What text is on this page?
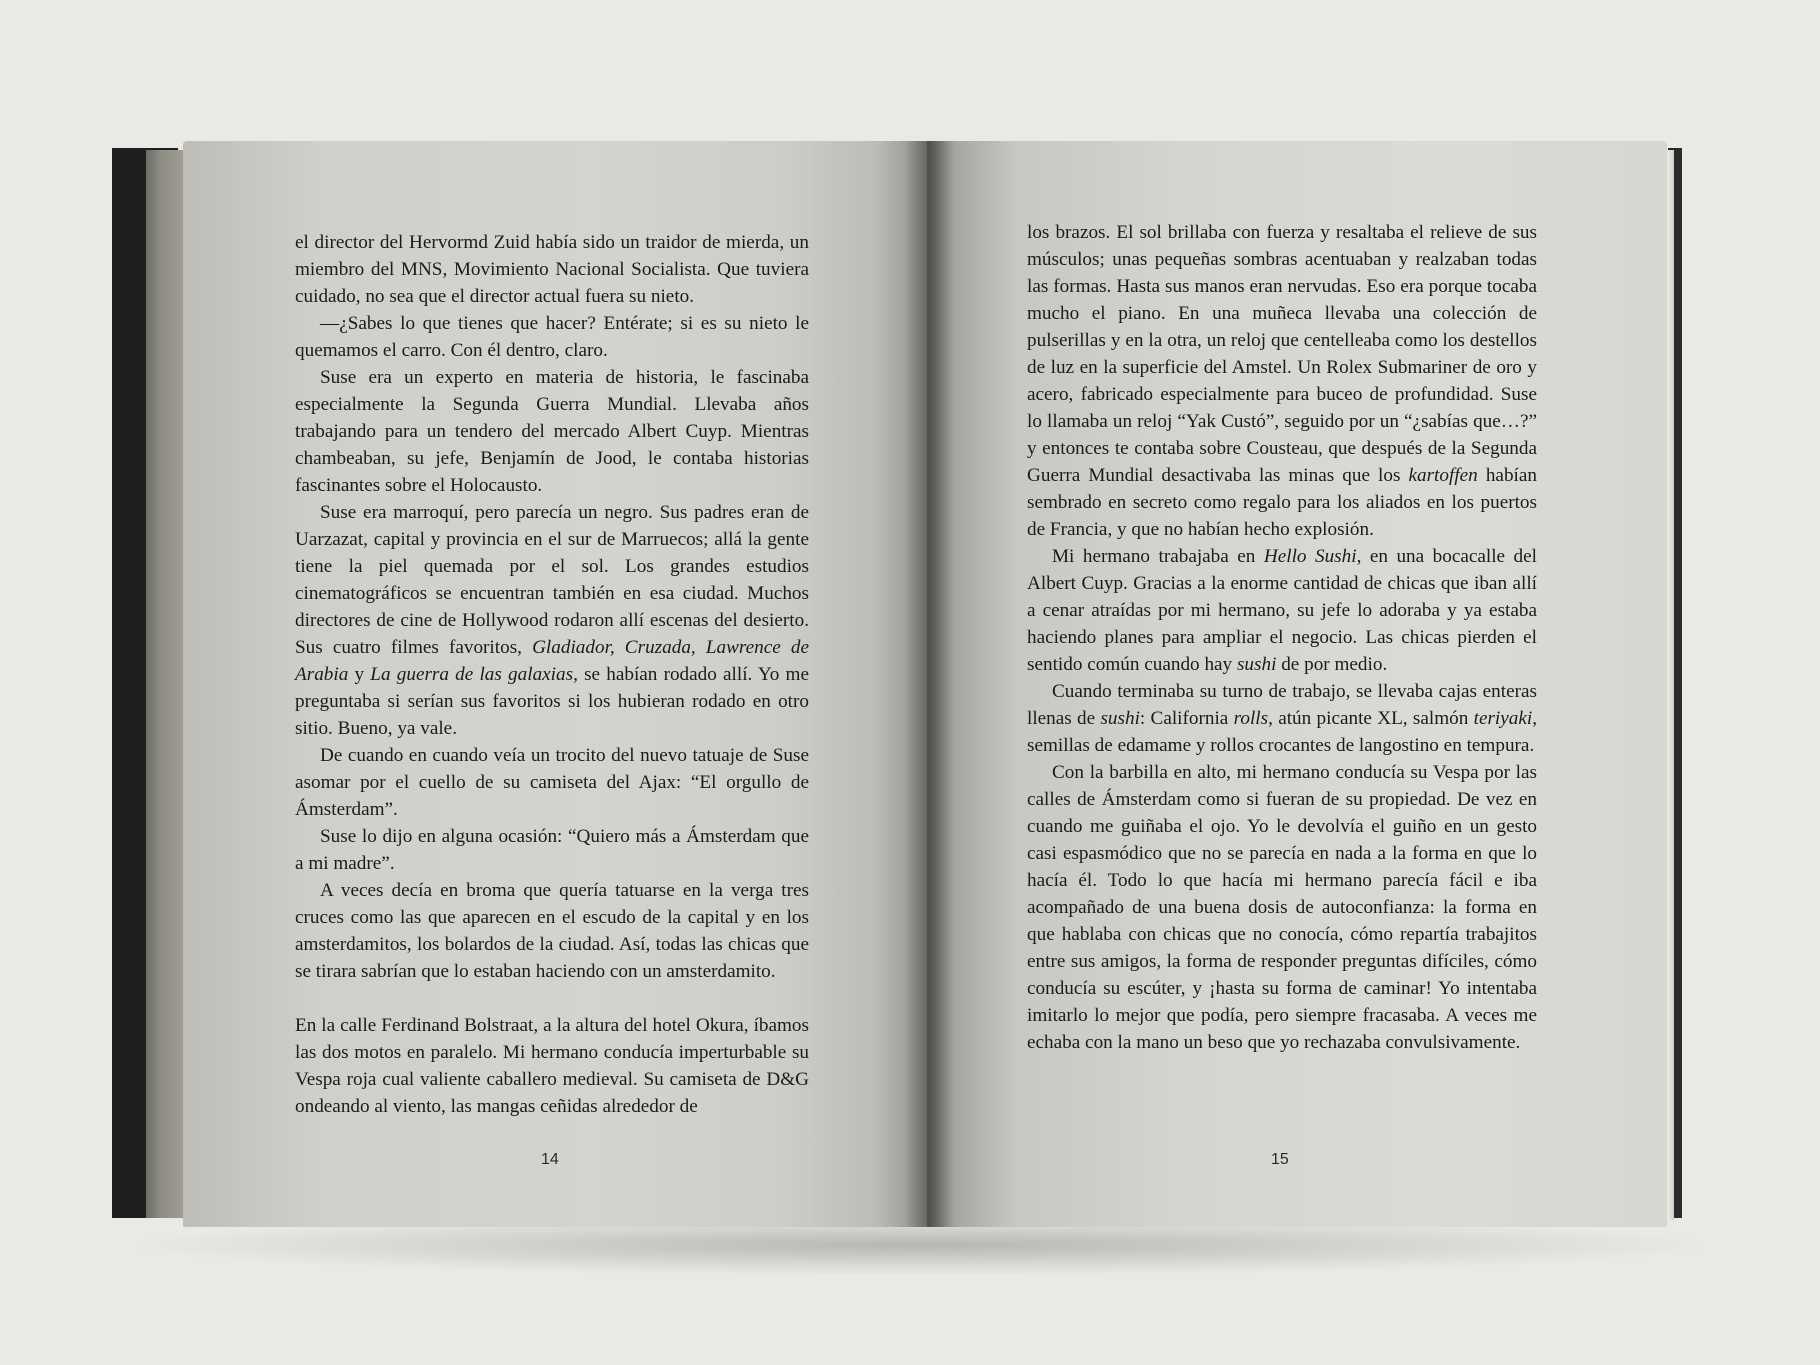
el director del Hervormd Zuid había sido un traidor de mierda, un miembro del MNS, Movimiento Nacional Socialista. Que tuviera cuidado, no sea que el director actual fuera su nieto.

—¿Sabes lo que tienes que hacer? Entérate; si es su nieto le quemamos el carro. Con él dentro, claro.

Suse era un experto en materia de historia, le fascinaba especialmente la Segunda Guerra Mundial. Llevaba años trabajando para un tendero del mercado Albert Cuyp. Mientras chambeaban, su jefe, Benjamín de Jood, le contaba historias fascinantes sobre el Holocausto.

Suse era marroquí, pero parecía un negro. Sus padres eran de Uarzazat, capital y provincia en el sur de Marruecos; allá la gente tiene la piel quemada por el sol. Los grandes estudios cinematográficos se encuentran también en esa ciudad. Muchos directores de cine de Hollywood rodaron allí escenas del desierto. Sus cuatro filmes favoritos, Gladiador, Cruzada, Lawrence de Arabia y La guerra de las galaxias, se habían rodado allí. Yo me preguntaba si serían sus favoritos si los hubieran rodado en otro sitio. Bueno, ya vale.

De cuando en cuando veía un trocito del nuevo tatuaje de Suse asomar por el cuello de su camiseta del Ajax: “El orgullo de Ámsterdam”.

Suse lo dijo en alguna ocasión: “Quiero más a Ámsterdam que a mi madre”.

A veces decía en broma que quería tatuarse en la verga tres cruces como las que aparecen en el escudo de la capital y en los amsterdamitos, los bolardos de la ciudad. Así, todas las chicas que se tirara sabrían que lo estaban haciendo con un amsterdamito.

En la calle Ferdinand Bolstraat, a la altura del hotel Okura, íbamos las dos motos en paralelo. Mi hermano conducía imperturbable su Vespa roja cual valiente caballero medieval. Su camiseta de D&G ondeando al viento, las mangas ceñidas alrededor de

14

los brazos. El sol brillaba con fuerza y resaltaba el relieve de sus músculos; unas pequeñas sombras acentuaban y realzaban todas las formas. Hasta sus manos eran nervudas. Eso era porque tocaba mucho el piano. En una muñeca llevaba una colección de pulserillas y en la otra, un reloj que centelleaba como los destellos de luz en la superficie del Amstel. Un Rolex Submariner de oro y acero, fabricado especialmente para buceo de profundidad. Suse lo llamaba un reloj “Yak Custó”, seguido por un “¿sabías que…?” y entonces te contaba sobre Cousteau, que después de la Segunda Guerra Mundial desactivaba las minas que los kartoffen habían sembrado en secreto como regalo para los aliados en los puertos de Francia, y que no habían hecho explosión.

Mi hermano trabajaba en Hello Sushi, en una bocacalle del Albert Cuyp. Gracias a la enorme cantidad de chicas que iban allí a cenar atraídas por mi hermano, su jefe lo adoraba y ya estaba haciendo planes para ampliar el negocio. Las chicas pierden el sentido común cuando hay sushi de por medio.

Cuando terminaba su turno de trabajo, se llevaba cajas enteras llenas de sushi: California rolls, atún picante XL, salmón teriyaki, semillas de edamame y rollos crocantes de langostino en tempura.

Con la barbilla en alto, mi hermano conducía su Vespa por las calles de Ámsterdam como si fueran de su propiedad. De vez en cuando me guiñaba el ojo. Yo le devolvía el guiño en un gesto casi espasmódico que no se parecía en nada a la forma en que lo hacía él. Todo lo que hacía mi hermano parecía fácil e iba acompañado de una buena dosis de autoconfianza: la forma en que hablaba con chicas que no conocía, cómo repartía trabajitos entre sus amigos, la forma de responder preguntas difíciles, cómo conducía su escúter, y ¡hasta su forma de caminar! Yo intentaba imitarlo lo mejor que podía, pero siempre fracasaba. A veces me echaba con la mano un beso que yo rechazaba convulsivamente.

15
